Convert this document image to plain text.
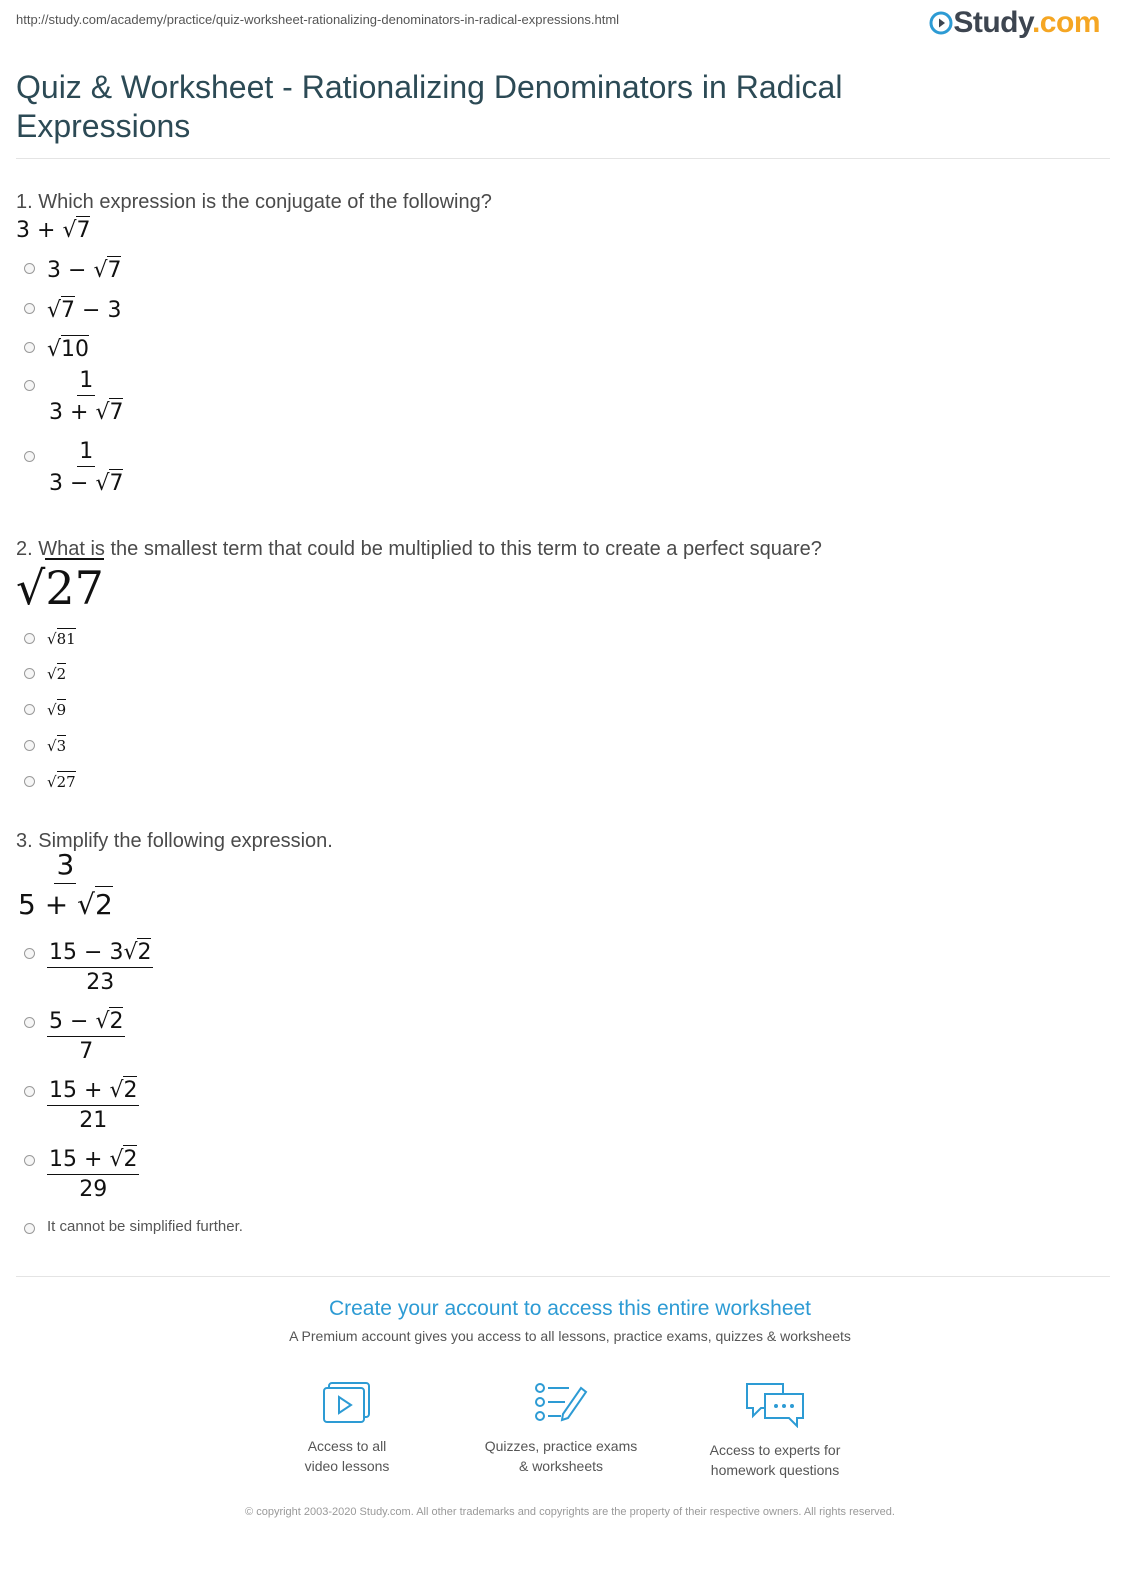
http://study.com/academy/practice/quiz-worksheet-rationalizing-denominators-in-radical-expressions.html	Study.com
Quiz & Worksheet - Rationalizing Denominators in Radical Expressions
1. Which expression is the conjugate of the following?
3 + √ 7
3 − √ 7
√ 7 − 3
√ 10
$\frac{1}{3 + √ 7}$
$\frac{1}{3 - √ 7}$
2. What is the smallest term that could be multiplied to this term to create a perfect square?
√ 27
√ 81
√ 2
√ 9
√ 3
√ 27
3. Simplify the following expression.
$\frac{3}{5 + √ 2}$
$\frac{15 - 3√ 2}{23}$
$\frac{5 - √ 2}{7}$
$\frac{15 + √ 2}{21}$
$\frac{15 + √ 2}{29}$
It cannot be simplified further.
Create your account to access this entire worksheet
A Premium account gives you access to all lessons, practice exams, quizzes & worksheets
Access to all
video lessons
Quizzes, practice exams
& worksheets
Access to experts for
homework questions
© copyright 2003-2020 Study.com. All other trademarks and copyrights are the property of their respective owners. All rights reserved.
